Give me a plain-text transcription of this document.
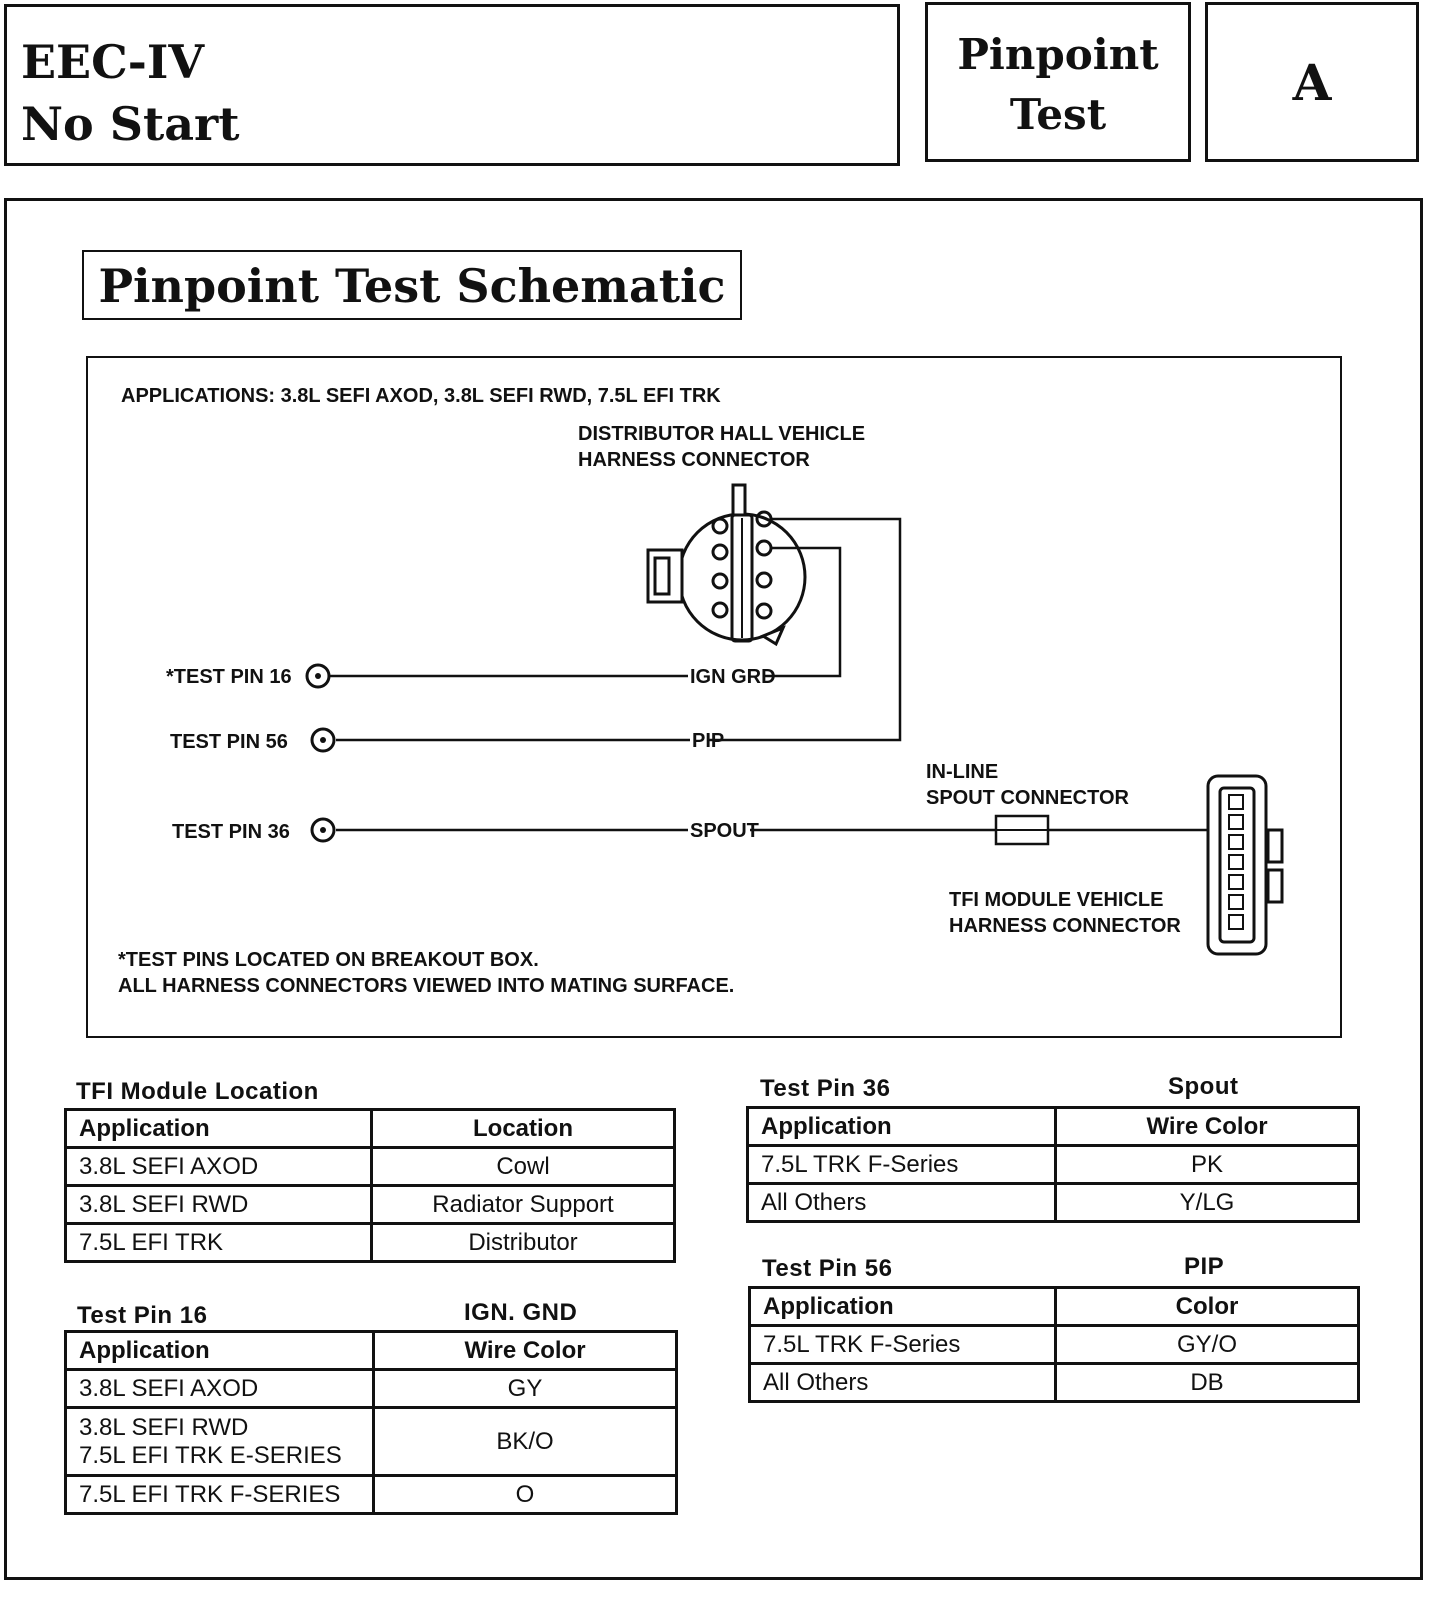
EEC-IV
No Start
Pinpoint
Test
A
Pinpoint Test Schematic
APPLICATIONS: 3.8L SEFI AXOD, 3.8L SEFI RWD, 7.5L EFI TRK
DISTRIBUTOR HALL VEHICLE
HARNESS CONNECTOR
*TEST PIN 16
TEST PIN 56
TEST PIN 36
IGN GRD
PIP
SPOUT
IN-LINE
SPOUT CONNECTOR
TFI MODULE VEHICLE
HARNESS CONNECTOR
*TEST PINS LOCATED ON BREAKOUT BOX.
ALL HARNESS CONNECTORS VIEWED INTO MATING SURFACE.
TFI Module Location
Application	Location
3.8L SEFI AXOD	Cowl
3.8L SEFI RWD	Radiator Support
7.5L EFI TRK	Distributor
Test Pin 16	IGN. GND
Application	Wire Color
3.8L SEFI AXOD	GY
3.8L SEFI RWD
7.5L EFI TRK E-SERIES	BK/O
7.5L EFI TRK F-SERIES	O
Test Pin 36	Spout
Application	Wire Color
7.5L TRK F-Series	PK
All Others	Y/LG
Test Pin 56	PIP
Application	Color
7.5L TRK F-Series	GY/O
All Others	DB
